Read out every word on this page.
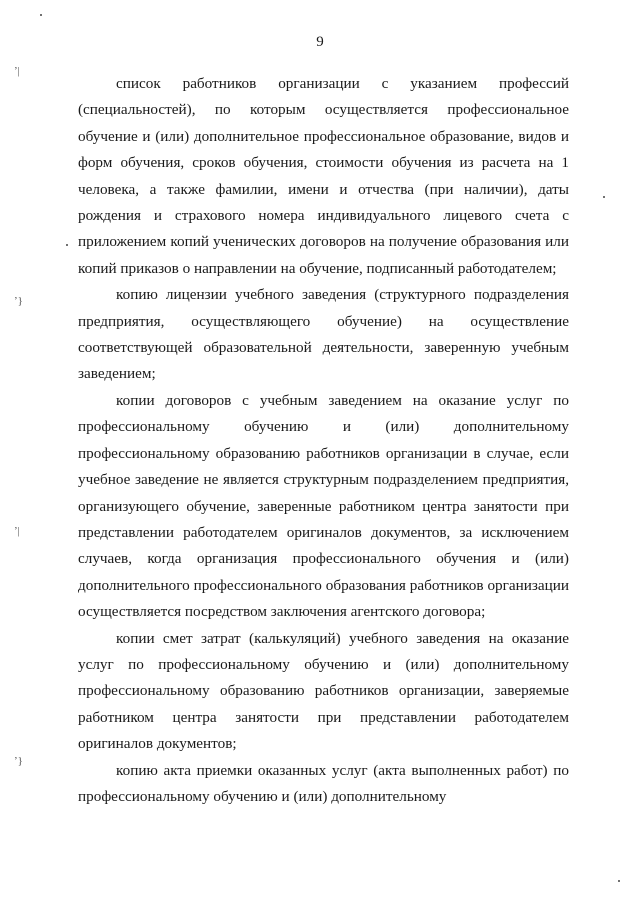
9

список работников организации с указанием профессий (специальностей), по которым осуществляется профессиональное обучение и (или) дополнительное профессиональное образование, видов и форм обучения, сроков обучения, стоимости обучения из расчета на 1 человека, а также фамилии, имени и отчества (при наличии), даты рождения и страхового номера индивидуального лицевого счета с приложением копий ученических договоров на получение образования или копий приказов о направлении на обучение, подписанный работодателем;

копию лицензии учебного заведения (структурного подразделения предприятия, осуществляющего обучение) на осуществление соответствующей образовательной деятельности, заверенную учебным заведением;

копии договоров с учебным заведением на оказание услуг по профессиональному обучению и (или) дополнительному профессиональному образованию работников организации в случае, если учебное заведение не является структурным подразделением предприятия, организующего обучение, заверенные работником центра занятости при представлении работодателем оригиналов документов, за исключением случаев, когда организация профессионального обучения и (или) дополнительного профессионального образования работников организации осуществляется посредством заключения агентского договора;

копии смет затрат (калькуляций) учебного заведения на оказание услуг по профессиональному обучению и (или) дополнительному профессиональному образованию работников организации, заверяемые работником центра занятости при представлении работодателем оригиналов документов;

копию акта приемки оказанных услуг (акта выполненных работ) по профессиональному обучению и (или) дополнительному

’|
’}
’|
’}
